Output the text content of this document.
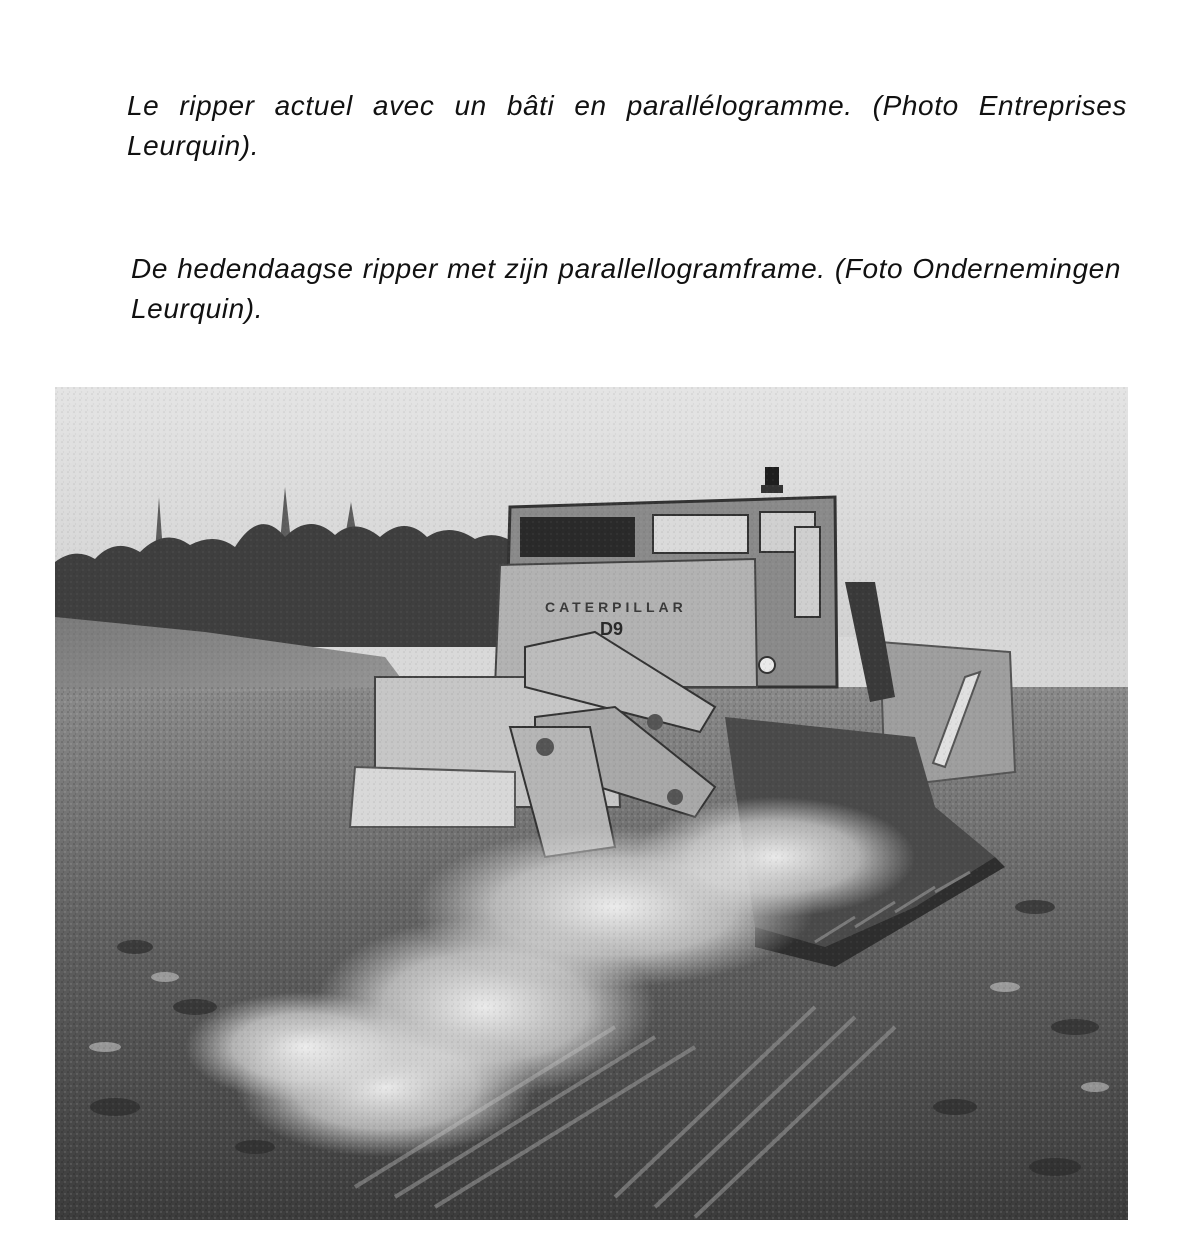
Le ripper actuel avec un bâti en parallélogramme. (Photo Entreprises Leurquin).

De hedendaagse ripper met zijn parallellogramframe. (Foto Ondernemingen Leurquin).
